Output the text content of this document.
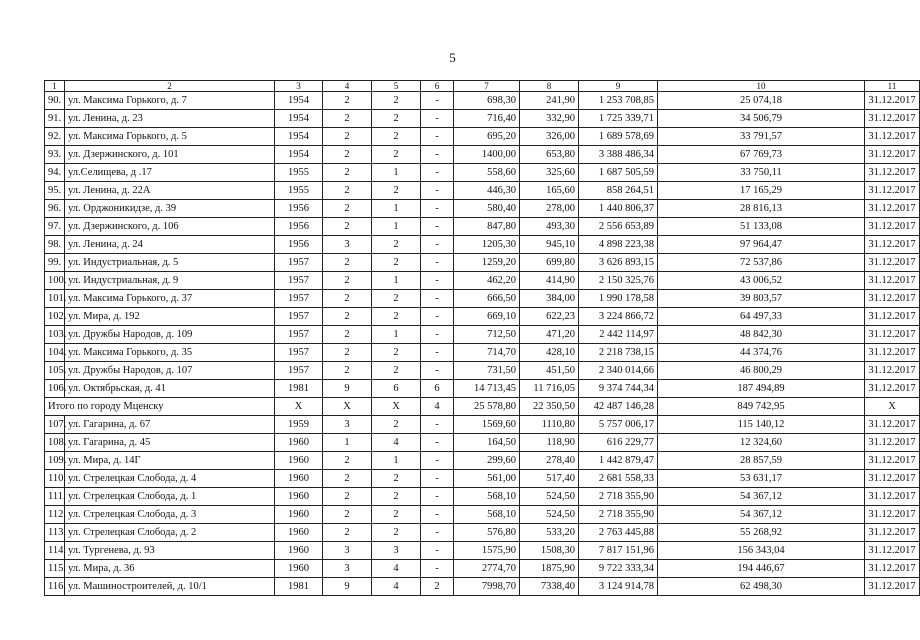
5
1	2	3	4	5	6	7	8	9	10	11
90.	ул. Максима Горького, д. 7	1954	2	2	-	698,30	241,90	1 253 708,85	25 074,18	31.12.2017
91.	ул. Ленина, д. 23	1954	2	2	-	716,40	332,90	1 725 339,71	34 506,79	31.12.2017
92.	ул. Максима Горького, д. 5	1954	2	2	-	695,20	326,00	1 689 578,69	33 791,57	31.12.2017
93.	ул. Дзержинского, д. 101	1954	2	2	-	1400,00	653,80	3 388 486,34	67 769,73	31.12.2017
94.	ул.Селищева, д .17	1955	2	1	-	558,60	325,60	1 687 505,59	33 750,11	31.12.2017
95.	ул. Ленина, д. 22А	1955	2	2	-	446,30	165,60	858 264,51	17 165,29	31.12.2017
96.	ул. Орджоникидзе, д. 39	1956	2	1	-	580,40	278,00	1 440 806,37	28 816,13	31.12.2017
97.	ул. Дзержинского, д. 106	1956	2	1	-	847,80	493,30	2 556 653,89	51 133,08	31.12.2017
98.	ул. Ленина, д. 24	1956	3	2	-	1205,30	945,10	4 898 223,38	97 964,47	31.12.2017
99.	ул. Индустриальная, д. 5	1957	2	2	-	1259,20	699,80	3 626 893,15	72 537,86	31.12.2017
100.	ул. Индустриальная, д. 9	1957	2	1	-	462,20	414,90	2 150 325,76	43 006,52	31.12.2017
101.	ул. Максима Горького, д. 37	1957	2	2	-	666,50	384,00	1 990 178,58	39 803,57	31.12.2017
102.	ул. Мира, д. 192	1957	2	2	-	669,10	622,23	3 224 866,72	64 497,33	31.12.2017
103.	ул. Дружбы Народов, д. 109	1957	2	1	-	712,50	471,20	2 442 114,97	48 842,30	31.12.2017
104.	ул. Максима Горького, д. 35	1957	2	2	-	714,70	428,10	2 218 738,15	44 374,76	31.12.2017
105.	ул. Дружбы Народов, д. 107	1957	2	2	-	731,50	451,50	2 340 014,66	46 800,29	31.12.2017
106.	ул. Октябрьская, д. 41	1981	9	6	6	14 713,45	11 716,05	9 374 744,34	187 494,89	31.12.2017
Итого по городу Мценску		X	X	X	4	25 578,80	22 350,50	42 487 146,28	849 742,95	X
107.	ул. Гагарина, д. 67	1959	3	2	-	1569,60	1110,80	5 757 006,17	115 140,12	31.12.2017
108.	ул. Гагарина, д. 45	1960	1	4	-	164,50	118,90	616 229,77	12 324,60	31.12.2017
109.	ул. Мира, д. 14Г	1960	2	1	-	299,60	278,40	1 442 879,47	28 857,59	31.12.2017
110.	ул. Стрелецкая Слобода, д. 4	1960	2	2	-	561,00	517,40	2 681 558,33	53 631,17	31.12.2017
111.	ул. Стрелецкая Слобода, д. 1	1960	2	2	-	568,10	524,50	2 718 355,90	54 367,12	31.12.2017
112.	ул. Стрелецкая Слобода, д. 3	1960	2	2	-	568,10	524,50	2 718 355,90	54 367,12	31.12.2017
113.	ул. Стрелецкая Слобода, д. 2	1960	2	2	-	576,80	533,20	2 763 445,88	55 268,92	31.12.2017
114.	ул. Тургенева, д. 93	1960	3	3	-	1575,90	1508,30	7 817 151,96	156 343,04	31.12.2017
115.	ул. Мира, д. 36	1960	3	4	-	2774,70	1875,90	9 722 333,34	194 446,67	31.12.2017
116.	ул. Машиностроителей, д. 10/1	1981	9	4	2	7998,70	7338,40	3 124 914,78	62 498,30	31.12.2017
